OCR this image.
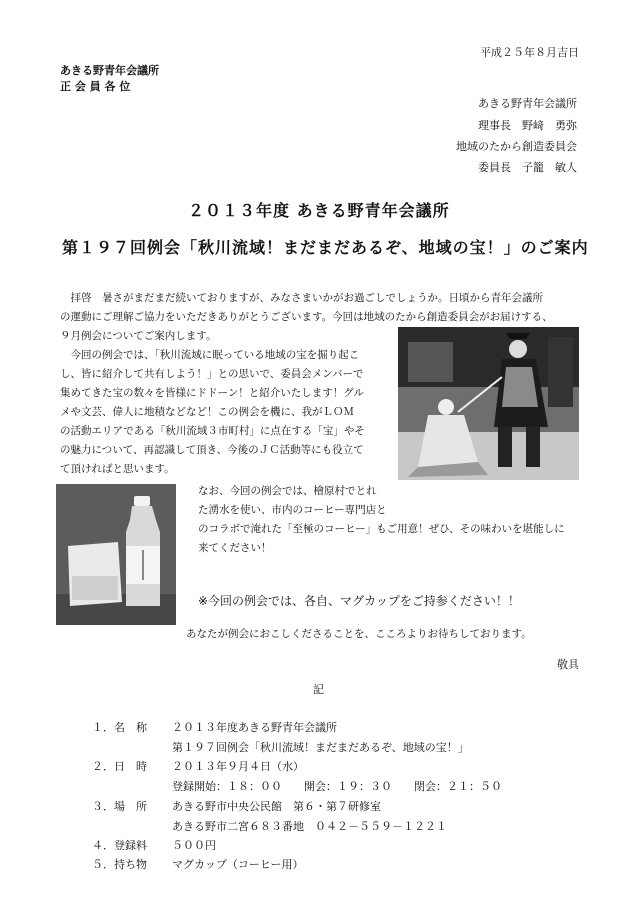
平成２５年８月吉日
あきる野青年会議所
正 会 員 各 位
あきる野青年会議所
理事長　野﨑　勇弥
地域のたから創造委員会
委員長　子籠　敏人
２０１３年度 あきる野青年会議所
第１９７回例会「秋川流域！まだまだあるぞ、地域の宝！」のご案内
　拝啓　暑さがまだまだ続いておりますが、みなさまいかがお過ごしでしょうか。日頃から青年会議所
の運動にご理解ご協力をいただきありがとうございます。今回は地域のたから創造委員会がお届けする、
９月例会についてご案内します。
　今回の例会では、「秋川流域に眠っている地域の宝を掘り起こ
し、皆に紹介して共有しよう！」との思いで、委員会メンバーで
集めてきた宝の数々を皆様にドドーン！と紹介いたします！グル
メや文芸、偉人に地積などなど！この例会を機に、我がＬＯＭ
の活動エリアである「秋川流域３市町村」に点在する「宝」やそ
の魅力について、再認識して頂き、今後のＪＣ活動等にも役立て
て頂ければと思います。
なお、今回の例会では、檜原村でとれ
た湧水を使い、市内のコーヒー専門店と
のコラボで淹れた「至極のコーヒー」もご用意！ぜひ、その味わいを堪能しに
来てください！
※今回の例会では、各自、マグカップをご持参ください！！
あなたが例会におこしくださることを、こころよりお待ちしております。
敬具
記
１．名　称 ２０１３年度あきる野青年会議所
第１９７回例会「秋川流域！まだまだあるぞ、地域の宝！」
２．日　時 ２０１３年９月４日（水）
登録開始：１８：００　　開会：１９：３０　　閉会：２１：５０
３．場　所 あきる野市中央公民館　第６・第７研修室
あきる野市二宮６８３番地　０４２－５５９－１２２１
４．登録料 ５００円
５．持ち物 マグカップ（コーヒー用）
